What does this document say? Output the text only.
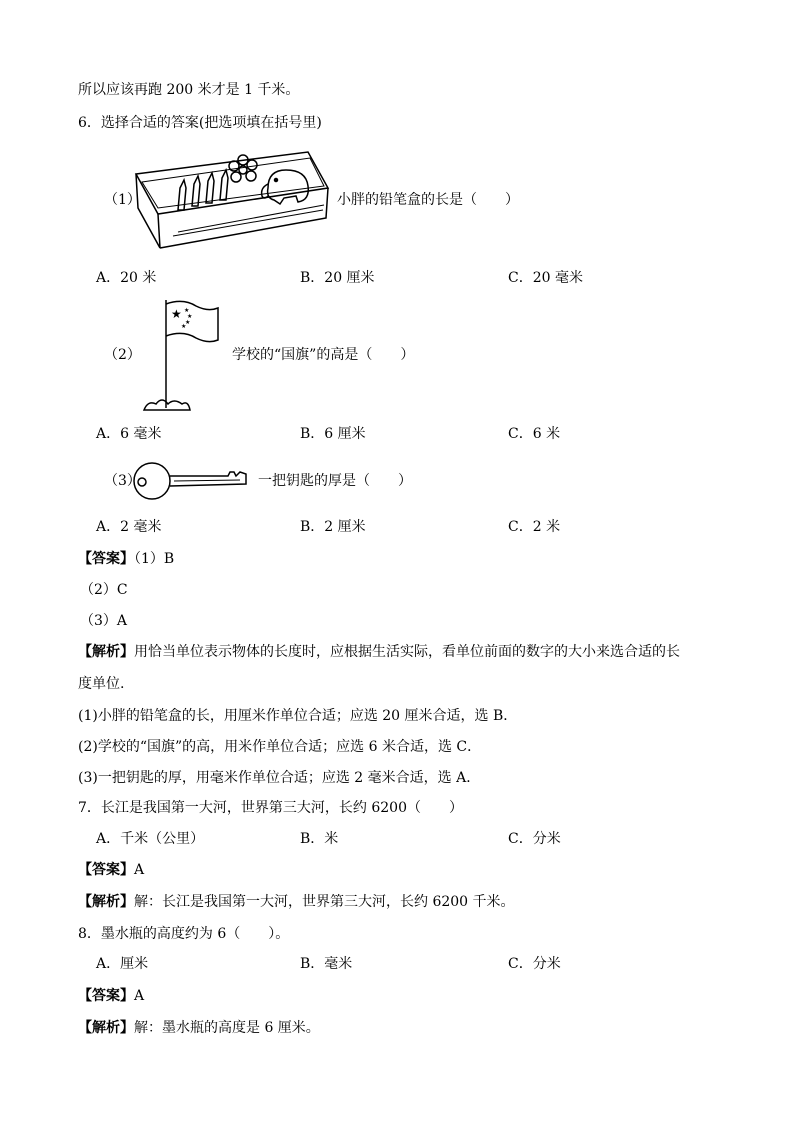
所以应该再跑 200 米才是 1 千米。
6．选择合适的答案(把选项填在括号里)
（1）	小胖的铅笔盒的长是（　　）
A．20 米	B．20 厘米	C．20 毫米
★ ★
★
★
★
（2）	学校的“国旗”的高是（　　）
A．6 毫米	B．6 厘米	C．6 米
（3）	一把钥匙的厚是（　　）
A．2 毫米	B．2 厘米	C．2 米
【答案】（1）B
（2）C
（3）A
【解析】用恰当单位表示物体的长度时，应根据生活实际，看单位前面的数字的大小来选合适的长
度单位.
(1)小胖的铅笔盒的长，用厘米作单位合适；应选 20 厘米合适，选 B．
(2)学校的“国旗”的高，用米作单位合适；应选 6 米合适，选 C．
(3)一把钥匙的厚，用毫米作单位合适；应选 2 毫米合适，选 A．
7．长江是我国第一大河，世界第三大河，长约 6200（　　）
A．千米（公里）	B．米	C．分米
【答案】A
【解析】解：长江是我国第一大河，世界第三大河，长约 6200 千米。
8．墨水瓶的高度约为 6（　　）。
A．厘米	B．毫米	C．分米
【答案】A
【解析】解：墨水瓶的高度是 6 厘米。
